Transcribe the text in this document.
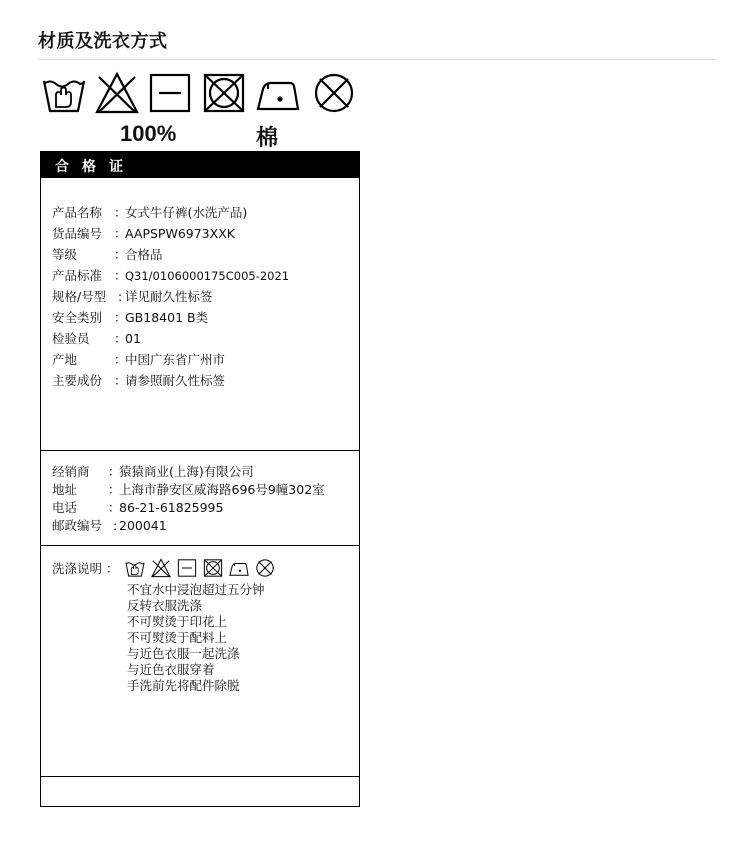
材质及洗衣方式
100%	棉
合格证
产品名称 ：女式牛仔裤(水洗产品)
货品编号 ：AAPSPW6973XXK
等级	：合格品
产品标准 ：Q31/0106000175C005-2021
规格/号型 : 详见耐久性标签
安全类别 ：GB18401 B类
检验员 ：01
产地	：中国广东省广州市
主要成份 ：请参照耐久性标签
经销商 ：猿猿商业(上海)有限公司
地址 ：上海市静安区威海路696号9幢302室
电话 ：86-21-61825995
邮政编号 : 200041
洗涤说明 ：
不宜水中浸泡超过五分钟
反转衣服洗涤
不可熨烫于印花上
不可熨烫于配料上
与近色衣服一起洗涤
与近色衣服穿着
手洗前先将配件除脱
